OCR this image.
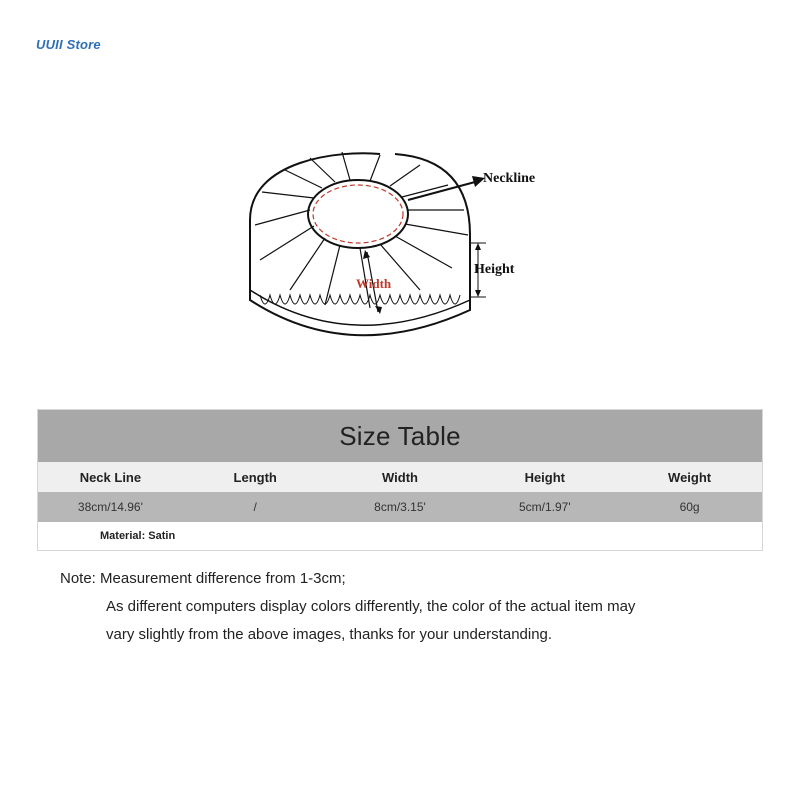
UUII Store
Neckline
Height
Width
Size Table
Neck Line	Length	Width	Height	Weight
38cm/14.96'	/	8cm/3.15'	5cm/1.97'	60g
Material: Satin

Note: Measurement difference from 1-3cm;

As different computers display colors differently, the color of the actual item may

vary slightly from the above images, thanks for your understanding.
